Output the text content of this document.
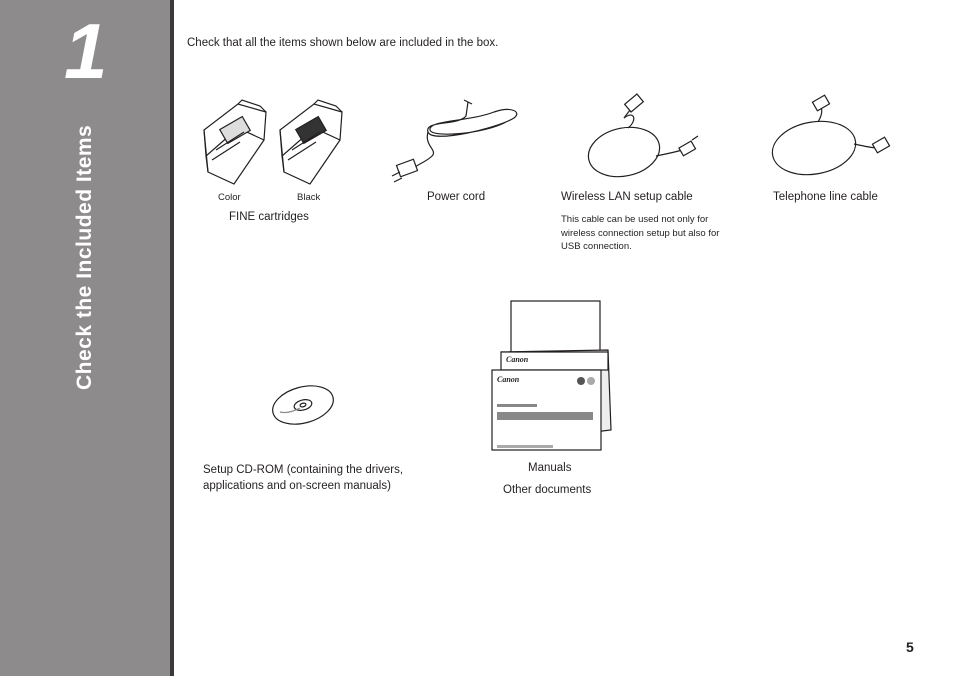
1
Check the Included Items
Check that all the items shown below are included in the box.
Color	Black
FINE cartridges
Power cord	Wireless LAN setup cable
This cable can be used not only for wireless connection setup but also for USB connection.
Telephone line cable
Setup CD-ROM (containing the drivers, applications and on-screen manuals)
Canon
Canon
Manuals
Other documents
5
